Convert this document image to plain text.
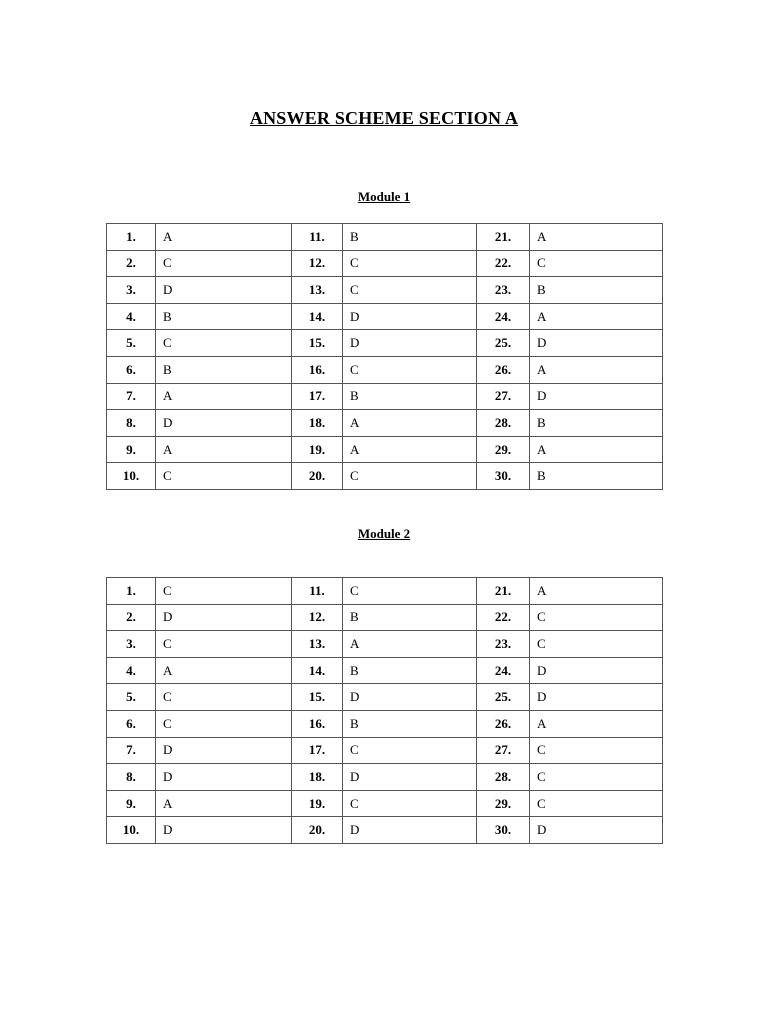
ANSWER SCHEME SECTION A
Module 1
1.	A	11.	B	21.	A
2.	C	12.	C	22.	C
3.	D	13.	C	23.	B
4.	B	14.	D	24.	A
5.	C	15.	D	25.	D
6.	B	16.	C	26.	A
7.	A	17.	B	27.	D
8.	D	18.	A	28.	B
9.	A	19.	A	29.	A
10.	C	20.	C	30.	B
Module 2
1.	C	11.	C	21.	A
2.	D	12.	B	22.	C
3.	C	13.	A	23.	C
4.	A	14.	B	24.	D
5.	C	15.	D	25.	D
6.	C	16.	B	26.	A
7.	D	17.	C	27.	C
8.	D	18.	D	28.	C
9.	A	19.	C	29.	C
10.	D	20.	D	30.	D
